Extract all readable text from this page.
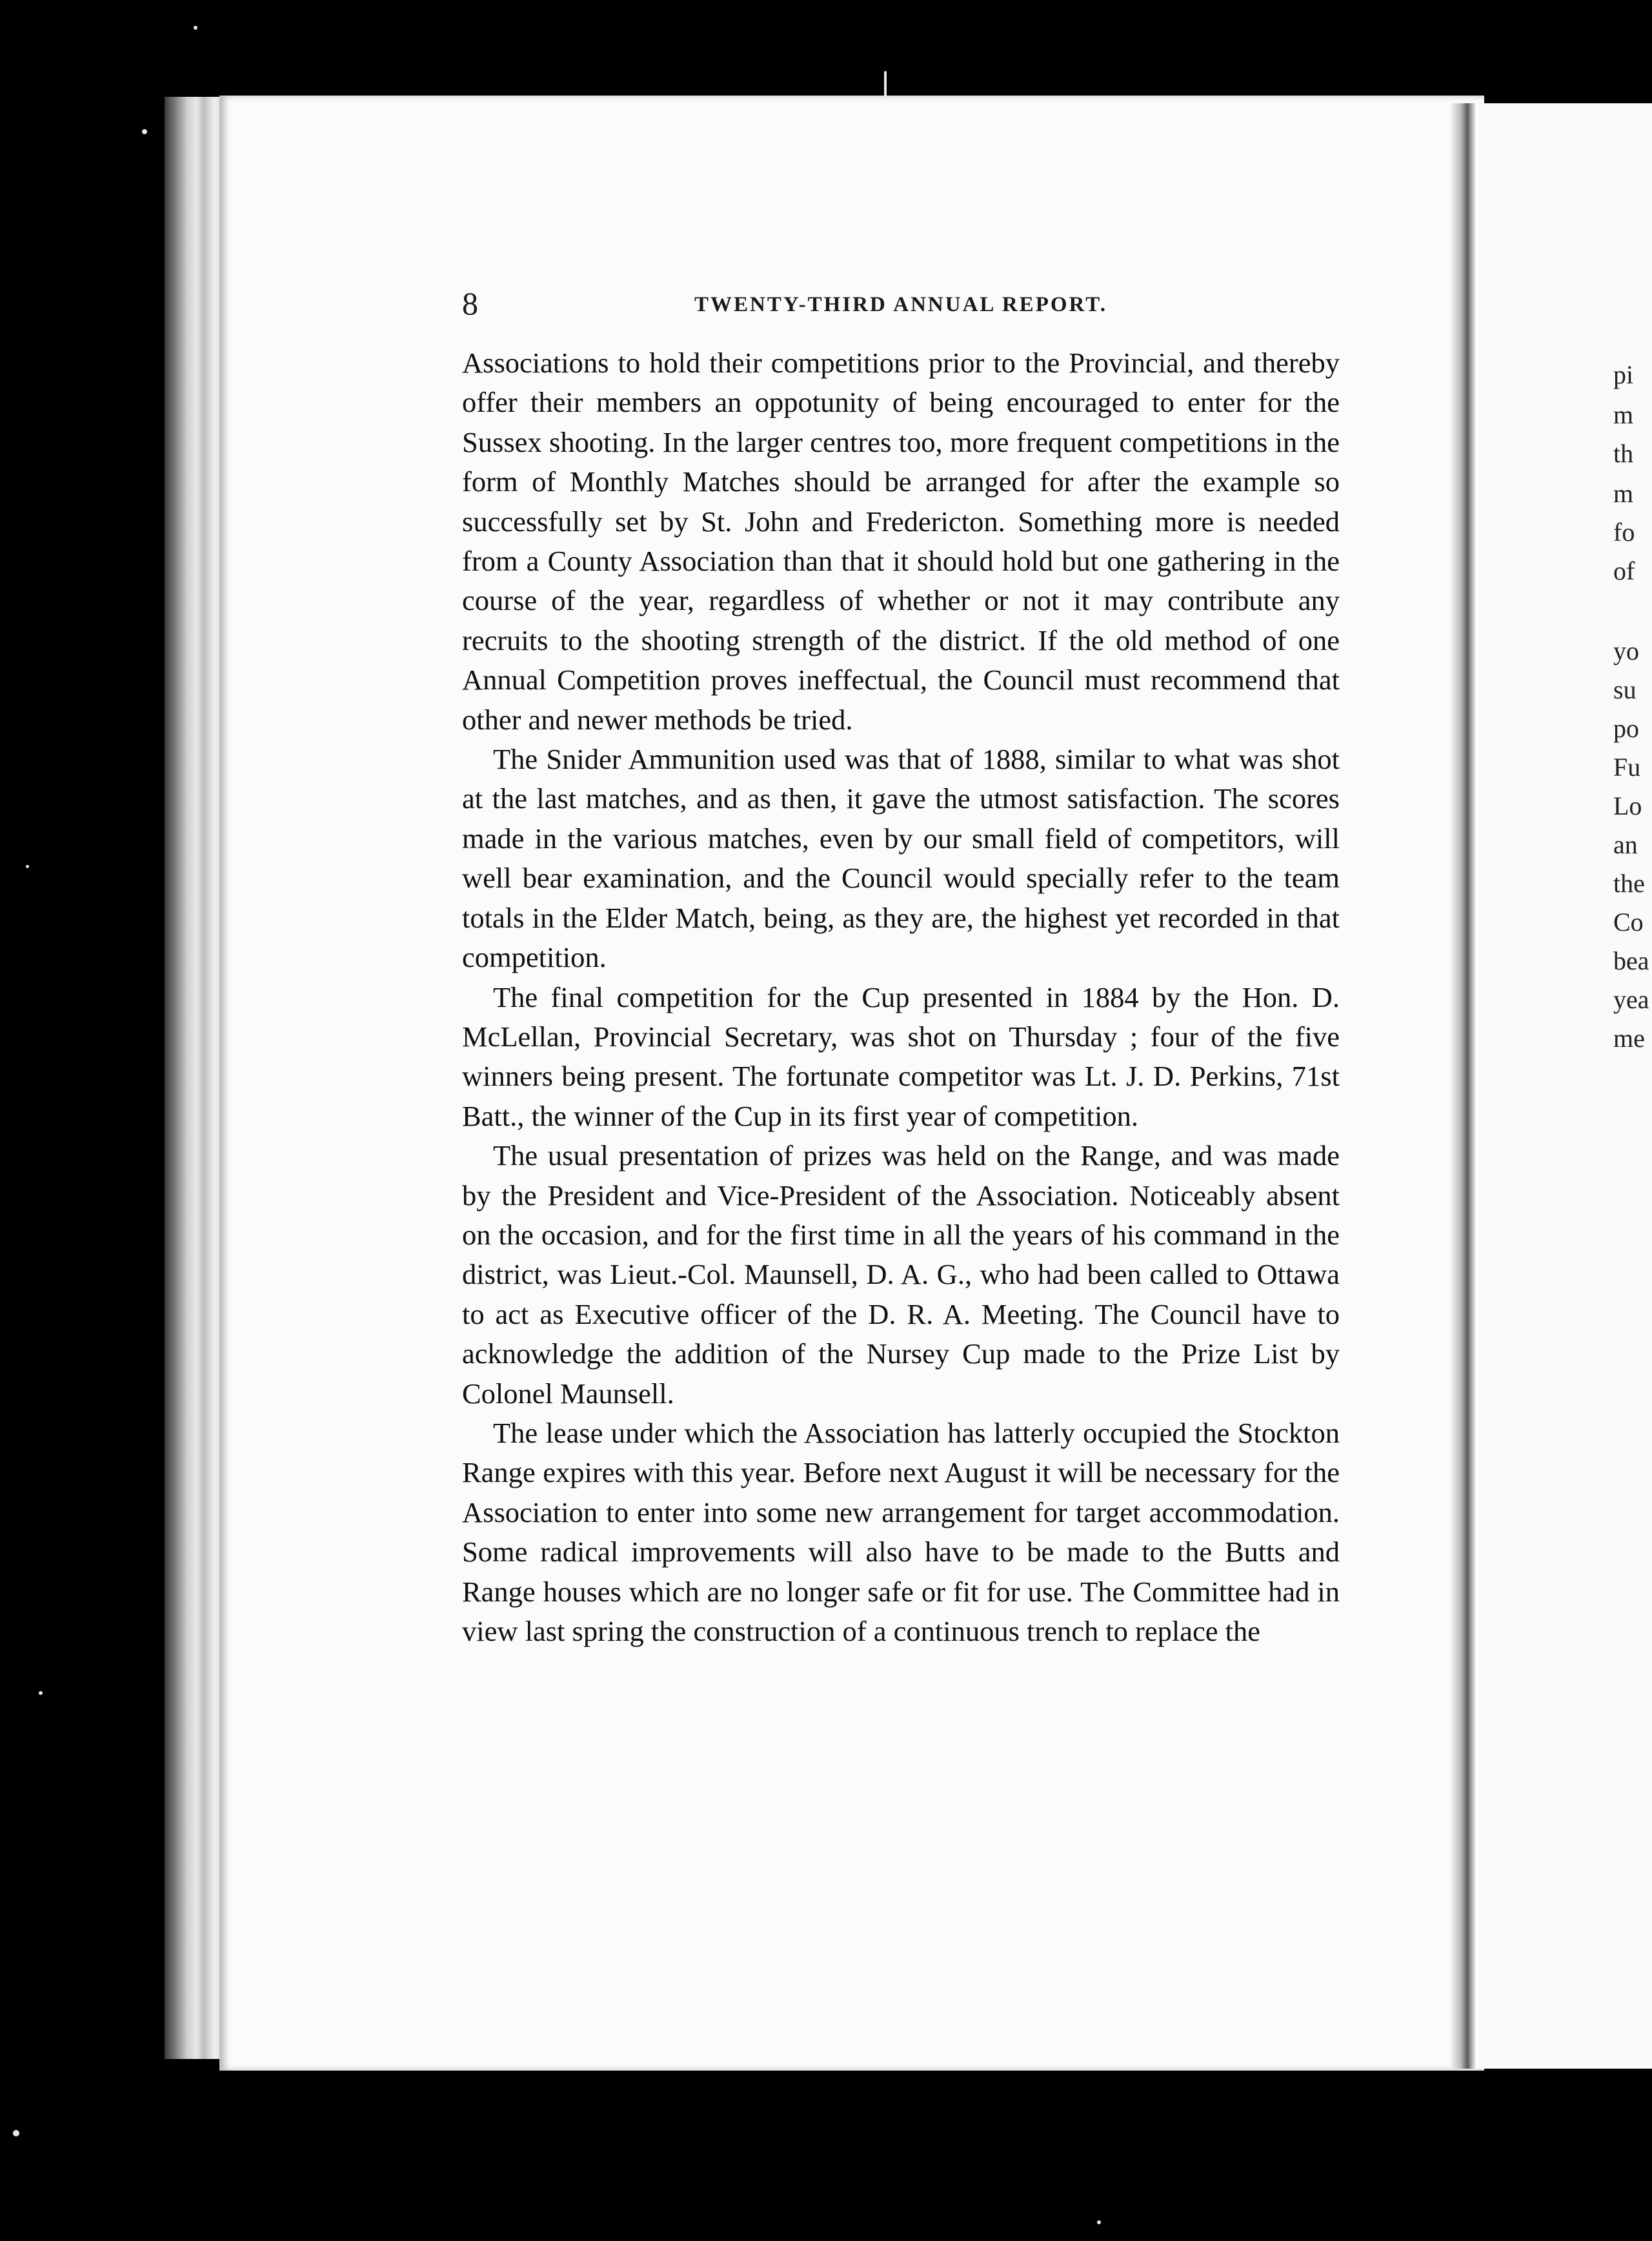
8	TWENTY-THIRD ANNUAL REPORT.

Associations to hold their competitions prior to the Provincial, and thereby offer their members an oppotunity of being encouraged to enter for the Sussex shooting. In the larger centres too, more frequent competitions in the form of Monthly Matches should be arranged for after the example so successfully set by St. John and Fredericton. Something more is needed from a County Association than that it should hold but one gathering in the course of the year, regardless of whether or not it may contribute any recruits to the shooting strength of the district. If the old method of one Annual Competition proves ineffectual, the Council must recommend that other and newer methods be tried.

The Snider Ammunition used was that of 1888, similar to what was shot at the last matches, and as then, it gave the utmost satisfaction. The scores made in the various matches, even by our small field of competitors, will well bear examination, and the Council would specially refer to the team totals in the Elder Match, being, as they are, the highest yet recorded in that competition.

The final competition for the Cup presented in 1884 by the Hon. D. McLellan, Provincial Secretary, was shot on Thursday ; four of the five winners being present. The fortunate competitor was Lt. J. D. Perkins, 71st Batt., the winner of the Cup in its first year of competition.

The usual presentation of prizes was held on the Range, and was made by the President and Vice-President of the Association. Noticeably absent on the occasion, and for the first time in all the years of his command in the district, was Lieut.-Col. Maunsell, D. A. G., who had been called to Ottawa to act as Executive officer of the D. R. A. Meeting. The Council have to acknowledge the addition of the Nursey Cup made to the Prize List by Colonel Maunsell.

The lease under which the Association has latterly occupied the Stockton Range expires with this year. Before next August it will be necessary for the Association to enter into some new arrangement for target accommodation. Some radical improvements will also have to be made to the Butts and Range houses which are no longer safe or fit for use. The Committee had in view last spring the construction of a continuous trench to replace the

pi
m
th
m
fo
of
yo
su
po
Fu
Lo
an
the
Co
bea
yea
me
